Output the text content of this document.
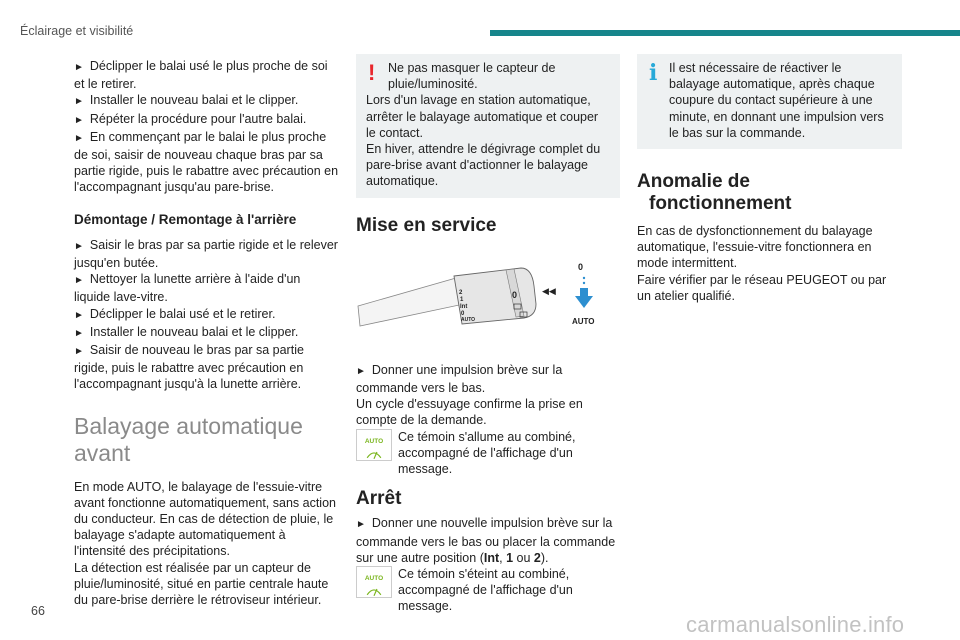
Éclairage et visibilité

► Déclipper le balai usé le plus proche de soi et le retirer.

► Installer le nouveau balai et le clipper.

► Répéter la procédure pour l'autre balai.

► En commençant par le balai le plus proche de soi, saisir de nouveau chaque bras par sa partie rigide, puis le rabattre avec précaution en l'accompagnant jusqu'au pare-brise.

Démontage / Remontage à l'arrière

► Saisir le bras par sa partie rigide et le relever jusqu'en butée.

► Nettoyer la lunette arrière à l'aide d'un liquide lave-vitre.

► Déclipper le balai usé et le retirer.

► Installer le nouveau balai et le clipper.

► Saisir de nouveau le bras par sa partie rigide, puis le rabattre avec précaution en l'accompagnant jusqu'à la lunette arrière.

Balayage automatique avant

En mode AUTO, le balayage de l'essuie-vitre avant fonctionne automatiquement, sans action du conducteur. En cas de détection de pluie, le balayage s'adapte automatiquement à l'intensité des précipitations.

La détection est réalisée par un capteur de pluie/luminosité, situé en partie centrale haute du pare-brise derrière le rétroviseur intérieur.

!	Ne pas masquer le capteur de pluie/luminosité.

Lors d'un lavage en station automatique, arrêter le balayage automatique et couper le contact.

En hiver, attendre le dégivrage complet du pare-brise avant d'actionner le balayage automatique.

Mise en service
2
1
Int
0
AUTO
0	◀◀
0
AUTO

► Donner une impulsion brève sur la commande vers le bas.

Un cycle d'essuyage confirme la prise en compte de la demande.

AUTO Ce témoin s'allume au combiné, accompagné de l'affichage d'un message.

Arrêt

► Donner une nouvelle impulsion brève sur la commande vers le bas ou placer la commande sur une autre position (Int, 1 ou 2).

AUTO Ce témoin s'éteint au combiné, accompagné de l'affichage d'un message.

i Il est nécessaire de réactiver le balayage automatique, après chaque coupure du contact supérieure à une minute, en donnant une impulsion vers le bas sur la commande.

Anomalie de
fonctionnement

En cas de dysfonctionnement du balayage automatique, l'essuie-vitre fonctionnera en mode intermittent.

Faire vérifier par le réseau PEUGEOT ou par un atelier qualifié.

66
carmanualsonline.info
